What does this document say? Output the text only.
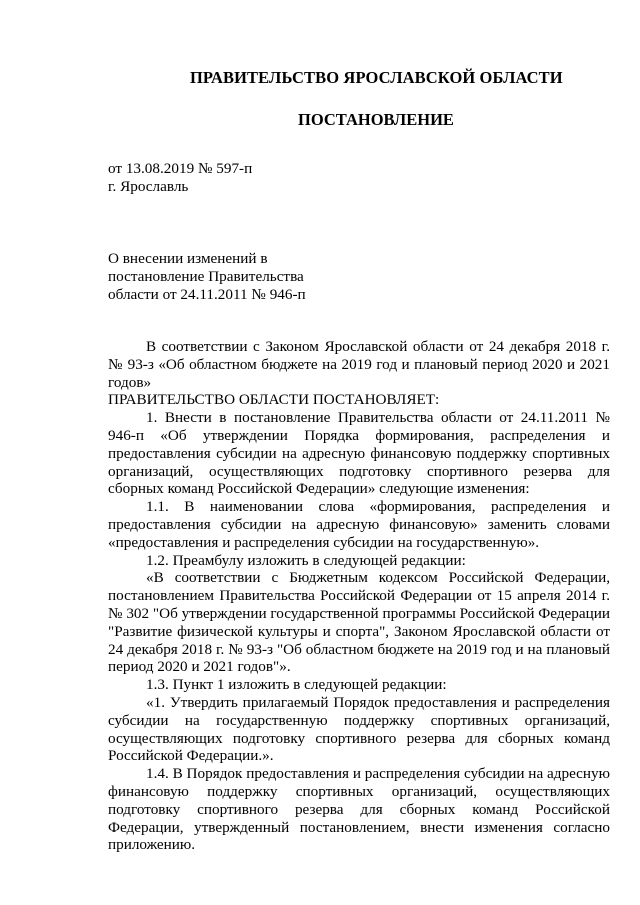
ПРАВИТЕЛЬСТВО ЯРОСЛАВСКОЙ ОБЛАСТИ
ПОСТАНОВЛЕНИЕ
от 13.08.2019 № 597-п
г. Ярославль
О внесении изменений в
постановление Правительства
области от 24.11.2011 № 946-п

В соответствии с Законом Ярославской области от 24 декабря 2018 г. № 93-з «Об областном бюджете на 2019 год и плановый период 2020 и 2021 годов»

ПРАВИТЕЛЬСТВО ОБЛАСТИ ПОСТАНОВЛЯЕТ:

1. Внести в постановление Правительства области от 24.11.2011 № 946-п «Об утверждении Порядка формирования, распределения и предоставления субсидии на адресную финансовую поддержку спортивных организаций, осуществляющих подготовку спортивного резерва для сборных команд Российской Федерации» следующие изменения:

1.1. В наименовании слова «формирования, распределения и предоставления субсидии на адресную финансовую» заменить словами «предоставления и распределения субсидии на государственную».

1.2. Преамбулу изложить в следующей редакции:

«В соответствии с Бюджетным кодексом Российской Федерации, постановлением Правительства Российской Федерации от 15 апреля 2014 г. № 302 "Об утверждении государственной программы Российской Федерации "Развитие физической культуры и спорта", Законом Ярославской области от 24 декабря 2018 г. № 93-з "Об областном бюджете на 2019 год и на плановый период 2020 и 2021 годов"».

1.3. Пункт 1 изложить в следующей редакции:

«1. Утвердить прилагаемый Порядок предоставления и распределения субсидии на государственную поддержку спортивных организаций, осуществляющих подготовку спортивного резерва для сборных команд Российской Федерации.».

1.4. В Порядок предоставления и распределения субсидии на адресную финансовую поддержку спортивных организаций, осуществляющих подготовку спортивного резерва для сборных команд Российской Федерации, утвержденный постановлением, внести изменения согласно приложению.
